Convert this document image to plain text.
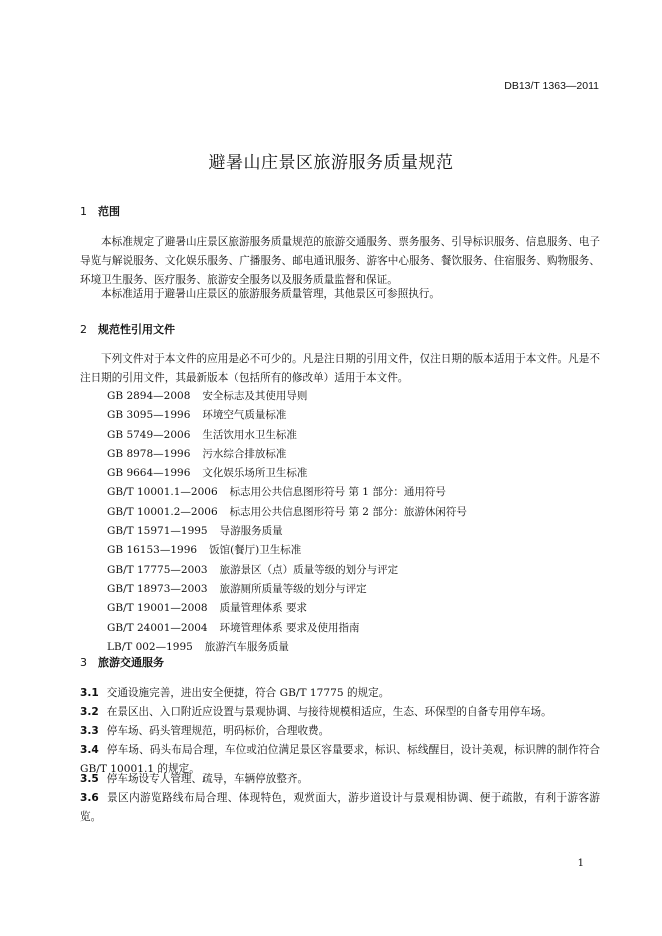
DB13/T 1363—2011
避暑山庄景区旅游服务质量规范
1 范围
本标准规定了避暑山庄景区旅游服务质量规范的旅游交通服务、票务服务、引导标识服务、信息服务、电子导览与解说服务、文化娱乐服务、广播服务、邮电通讯服务、游客中心服务、餐饮服务、住宿服务、购物服务、环境卫生服务、医疗服务、旅游安全服务以及服务质量监督和保证。
本标准适用于避暑山庄景区的旅游服务质量管理，其他景区可参照执行。
2 规范性引用文件
下列文件对于本文件的应用是必不可少的。凡是注日期的引用文件，仅注日期的版本适用于本文件。凡是不注日期的引用文件，其最新版本（包括所有的修改单）适用于本文件。
GB 2894—2008 安全标志及其使用导则
GB 3095—1996 环境空气质量标准
GB 5749—2006 生活饮用水卫生标准
GB 8978—1996 污水综合排放标准
GB 9664—1996 文化娱乐场所卫生标准
GB/T 10001.1—2006 标志用公共信息图形符号 第 1 部分：通用符号
GB/T 10001.2—2006 标志用公共信息图形符号 第 2 部分：旅游休闲符号
GB/T 15971—1995 导游服务质量
GB 16153—1996 饭馆(餐厅)卫生标准
GB/T 17775—2003 旅游景区（点）质量等级的划分与评定
GB/T 18973—2003 旅游厕所质量等级的划分与评定
GB/T 19001—2008 质量管理体系 要求
GB/T 24001—2004 环境管理体系 要求及使用指南
LB/T 002—1995 旅游汽车服务质量
3 旅游交通服务
3.1 交通设施完善，进出安全便捷，符合 GB/T 17775 的规定。
3.2 在景区出、入口附近应设置与景观协调、与接待规模相适应，生态、环保型的自备专用停车场。
3.3 停车场、码头管理规范，明码标价，合理收费。
3.4 停车场、码头布局合理，车位或泊位满足景区容量要求，标识、标线醒目，设计美观，标识牌的制作符合 GB/T 10001.1 的规定。
3.5 停车场设专人管理、疏导，车辆停放整齐。
3.6 景区内游览路线布局合理、体现特色，观赏面大，游步道设计与景观相协调、便于疏散，有利于游客游览。
1
